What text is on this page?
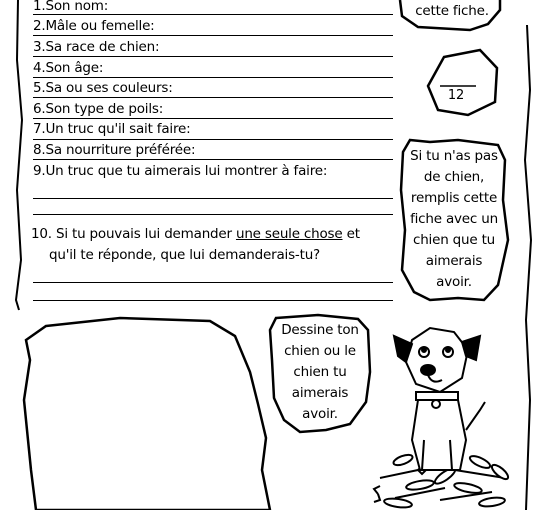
1.Son nom:
2.Mâle ou femelle:
3.Sa race de chien:
4.Son âge:
5.Sa ou ses couleurs:
6.Son type de poils:
7.Un truc qu'il sait faire:
8.Sa nourriture préférée:
9.Un truc que tu aimerais lui montrer à faire:
10. Si tu pouvais lui demander une seule chose et
qu'il te réponde, que lui demanderais-tu?
cette fiche.
12
Si tu n'as pas
de chien,
remplis cette
fiche avec un
chien que tu
aimerais
avoir.
Dessine ton
chien ou le
chien tu
aimerais
avoir.
